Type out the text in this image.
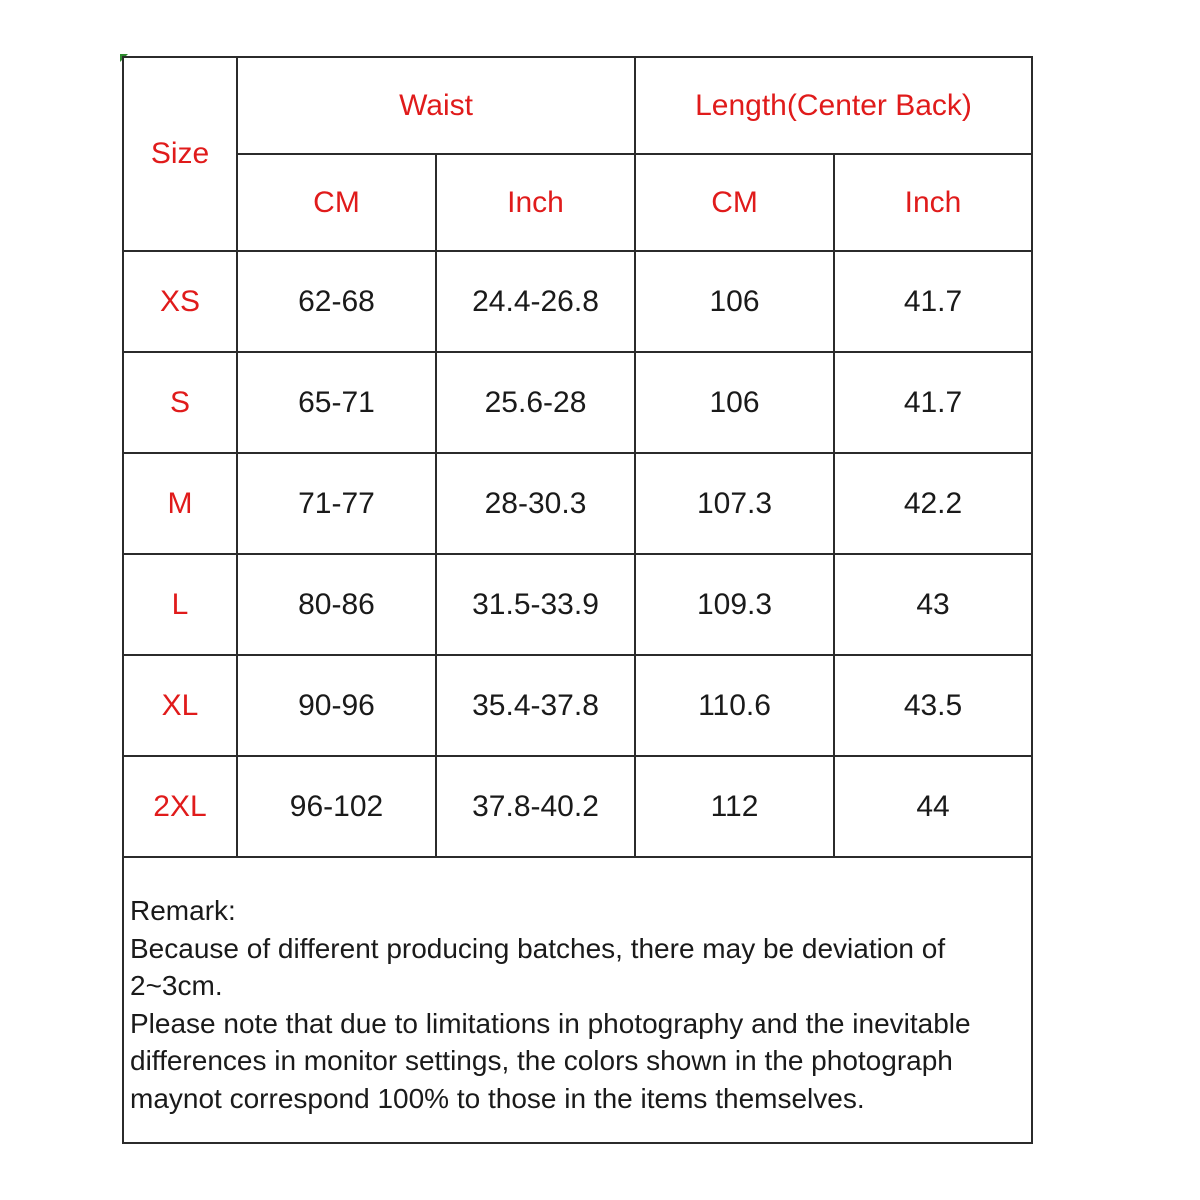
Size	Waist		Length(Center Back)	
	CM	Inch	CM	Inch
XS	62-68	24.4-26.8	106	41.7
S	65-71	25.6-28	106	41.7
M	71-77	28-30.3	107.3	42.2
L	80-86	31.5-33.9	109.3	43
XL	90-96	35.4-37.8	110.6	43.5
2XL	96-102	37.8-40.2	112	44

Remark:

Because of different producing batches, there may be deviation of

2~3cm.

Please note that due to limitations in photography and the inevitable

differences in monitor settings, the colors shown in the photograph

maynot correspond 100% to those in the items themselves.
